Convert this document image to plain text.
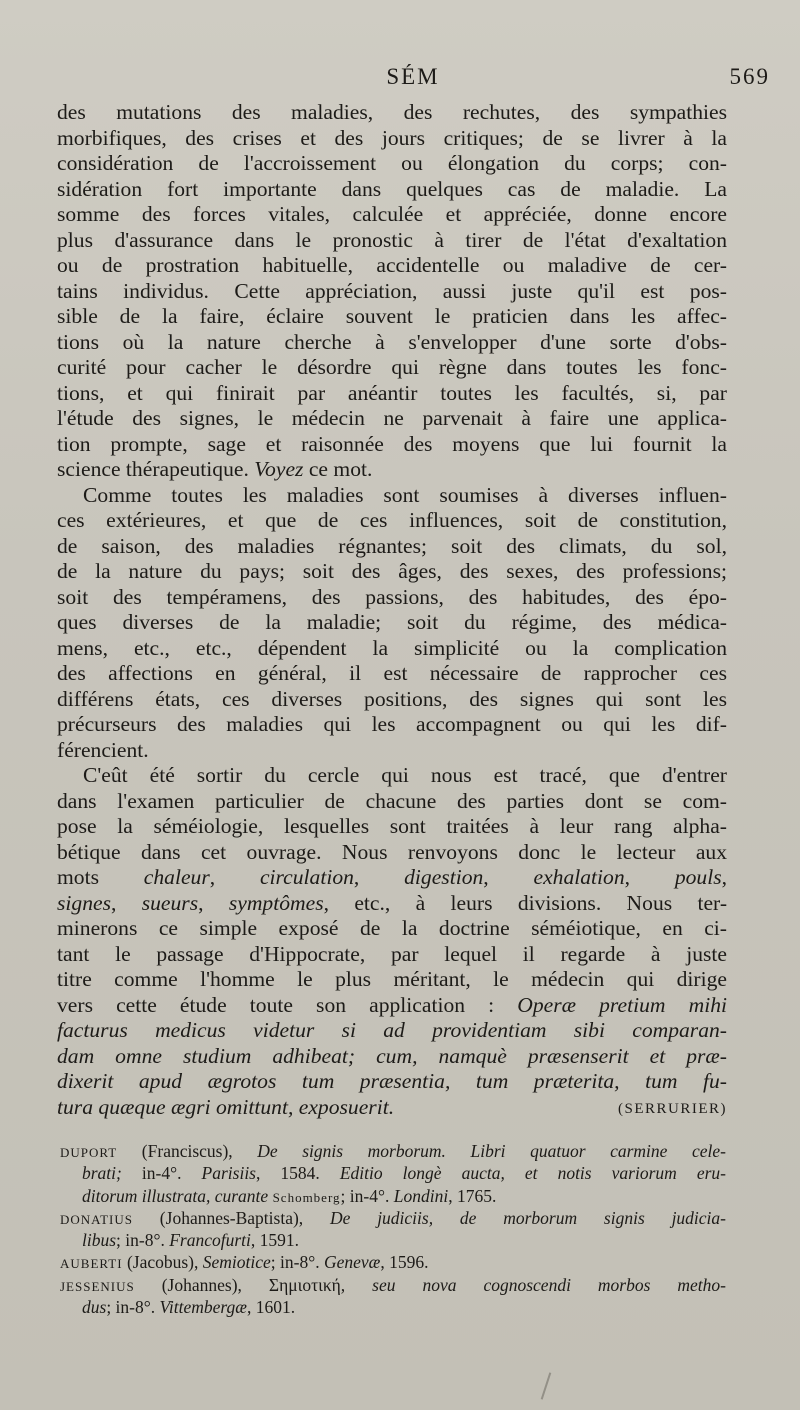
SÉM	569
des mutations des maladies, des rechutes, des sympathies
morbifiques, des crises et des jours critiques; de se livrer à la
considération de l'accroissement ou élongation du corps; con-
sidération fort importante dans quelques cas de maladie. La
somme des forces vitales, calculée et appréciée, donne encore
plus d'assurance dans le pronostic à tirer de l'état d'exaltation
ou de prostration habituelle, accidentelle ou maladive de cer-
tains individus. Cette appréciation, aussi juste qu'il est pos-
sible de la faire, éclaire souvent le praticien dans les affec-
tions où la nature cherche à s'envelopper d'une sorte d'obs-
curité pour cacher le désordre qui règne dans toutes les fonc-
tions, et qui finirait par anéantir toutes les facultés, si, par
l'étude des signes, le médecin ne parvenait à faire une applica-
tion prompte, sage et raisonnée des moyens que lui fournit la
science thérapeutique. Voyez ce mot.
Comme toutes les maladies sont soumises à diverses influen-
ces extérieures, et que de ces influences, soit de constitution,
de saison, des maladies régnantes; soit des climats, du sol,
de la nature du pays; soit des âges, des sexes, des professions;
soit des tempéramens, des passions, des habitudes, des épo-
ques diverses de la maladie; soit du régime, des médica-
mens, etc., etc., dépendent la simplicité ou la complication
des affections en général, il est nécessaire de rapprocher ces
différens états, ces diverses positions, des signes qui sont les
précurseurs des maladies qui les accompagnent ou qui les dif-
férencient.
C'eût été sortir du cercle qui nous est tracé, que d'entrer
dans l'examen particulier de chacune des parties dont se com-
pose la séméiologie, lesquelles sont traitées à leur rang alpha-
bétique dans cet ouvrage. Nous renvoyons donc le lecteur aux
mots chaleur, circulation, digestion, exhalation, pouls,
signes, sueurs, symptômes, etc., à leurs divisions. Nous ter-
minerons ce simple exposé de la doctrine séméiotique, en ci-
tant le passage d'Hippocrate, par lequel il regarde à juste
titre comme l'homme le plus méritant, le médecin qui dirige
vers cette étude toute son application : Operæ pretium mihi
facturus medicus videtur si ad providentiam sibi comparan-
dam omne studium adhibeat; cum, namquè præsenserit et præ-
dixerit apud ægrotos tum præsentia, tum præterita, tum fu-
tura quæque ægri omittunt, exposuerit.	(SERRURIER)
DUPORT (Franciscus), De signis morborum. Libri quatuor carmine cele-
brati; in-4°. Parisiis, 1584. Editio longè aucta, et notis variorum eru-
ditorum illustrata, curante Schomberg; in-4°. Londini, 1765.
DONATIUS (Johannes-Baptista), De judiciis, de morborum signis judicia-
libus; in-8°. Francofurti, 1591.
AUBERTI (Jacobus), Semiotice; in-8°. Genevæ, 1596.
JESSENIUS (Johannes), Σημιοτική, seu nova cognoscendi morbos metho-
dus; in-8°. Vittembergæ, 1601.
